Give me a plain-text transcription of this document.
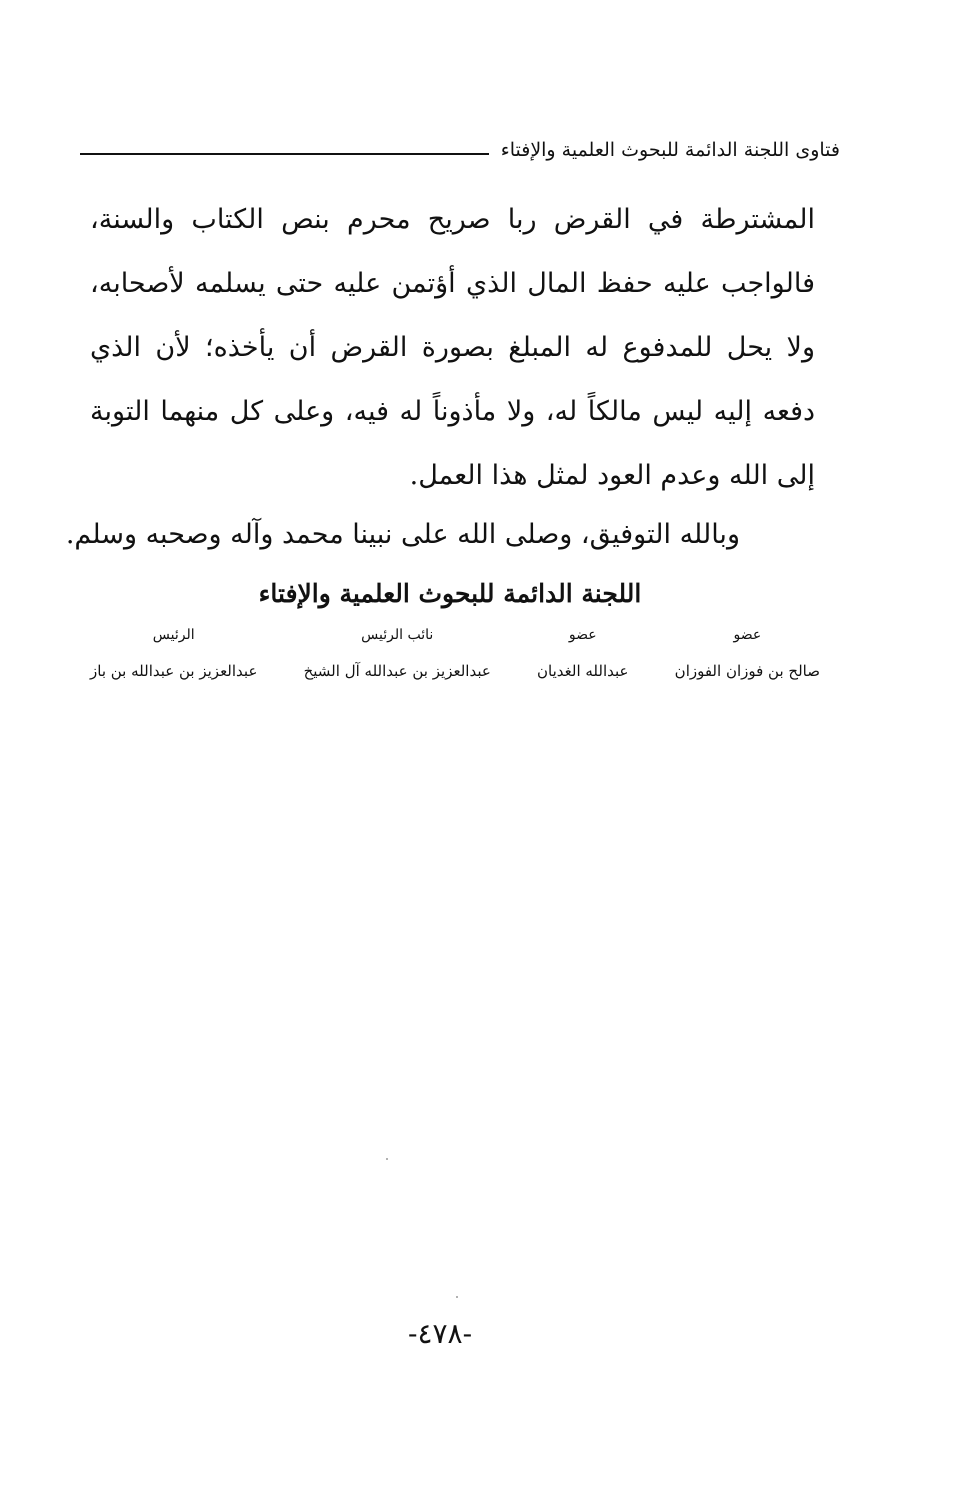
فتاوى اللجنة الدائمة للبحوث العلمية والإفتاء
المشترطة في القرض ربا صريح محرم بنص الكتاب والسنة،
فالواجب عليه حفظ المال الذي أؤتمن عليه حتى يسلمه لأصحابه،
ولا يحل للمدفوع له المبلغ بصورة القرض أن يأخذه؛ لأن الذي
دفعه إليه ليس مالكاً له، ولا مأذوناً له فيه، وعلى كل منهما التوبة
إلى الله وعدم العود لمثل هذا العمل.
وبالله التوفيق، وصلى الله على نبينا محمد وآله وصحبه وسلم.
اللجنة الدائمة للبحوث العلمية والإفتاء
عضو
صالح بن فوزان الفوزان
عضو
عبدالله الغديان
نائب الرئيس
عبدالعزيز بن عبدالله آل الشيخ
الرئيس
عبدالعزيز بن عبدالله بن باز
-٤٧٨-
